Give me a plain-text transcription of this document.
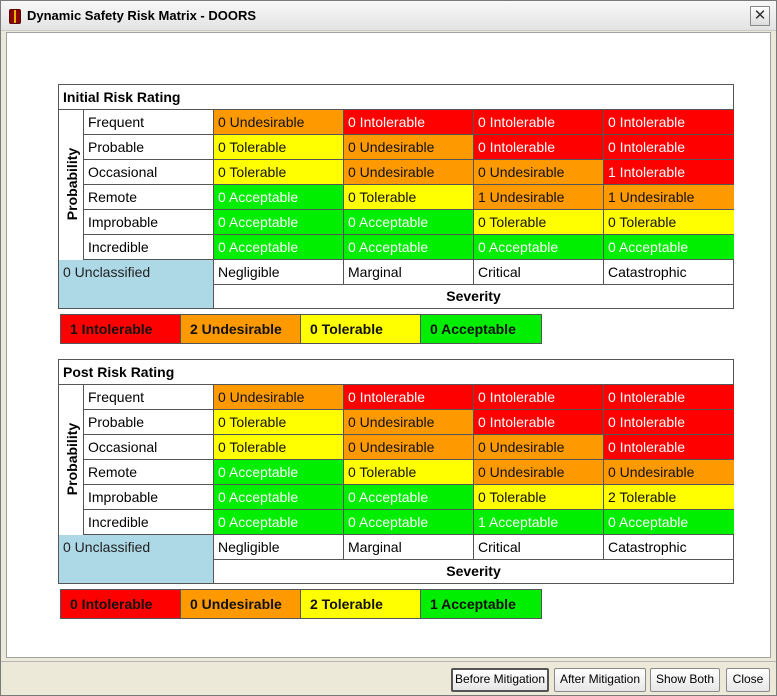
Dynamic Safety Risk Matrix - DOORS	✕
Initial Risk Rating
Probability
Frequent	0 Undesirable	0 Intolerable	0 Intolerable	0 Intolerable
Probable	0 Tolerable	0 Undesirable	0 Intolerable	0 Intolerable
Occasional	0 Tolerable	0 Undesirable	0 Undesirable	1 Intolerable
Remote	0 Acceptable	0 Tolerable	1 Undesirable	1 Undesirable
Improbable	0 Acceptable	0 Acceptable	0 Tolerable	0 Tolerable
Incredible	0 Acceptable	0 Acceptable	0 Acceptable	0 Acceptable
0 Unclassified	Negligible	Marginal	Critical	Catastrophic
Severity
1 Intolerable	2 Undesirable	0 Tolerable	0 Acceptable
Post Risk Rating
Probability
Frequent	0 Undesirable	0 Intolerable	0 Intolerable	0 Intolerable
Probable	0 Tolerable	0 Undesirable	0 Intolerable	0 Intolerable
Occasional	0 Tolerable	0 Undesirable	0 Undesirable	0 Intolerable
Remote	0 Acceptable	0 Tolerable	0 Undesirable	0 Undesirable
Improbable	0 Acceptable	0 Acceptable	0 Tolerable	2 Tolerable
Incredible	0 Acceptable	0 Acceptable	1 Acceptable	0 Acceptable
0 Unclassified	Negligible	Marginal	Critical	Catastrophic
Severity
0 Intolerable	0 Undesirable	2 Tolerable	1 Acceptable
Before Mitigation	After Mitigation	Show Both	Close
